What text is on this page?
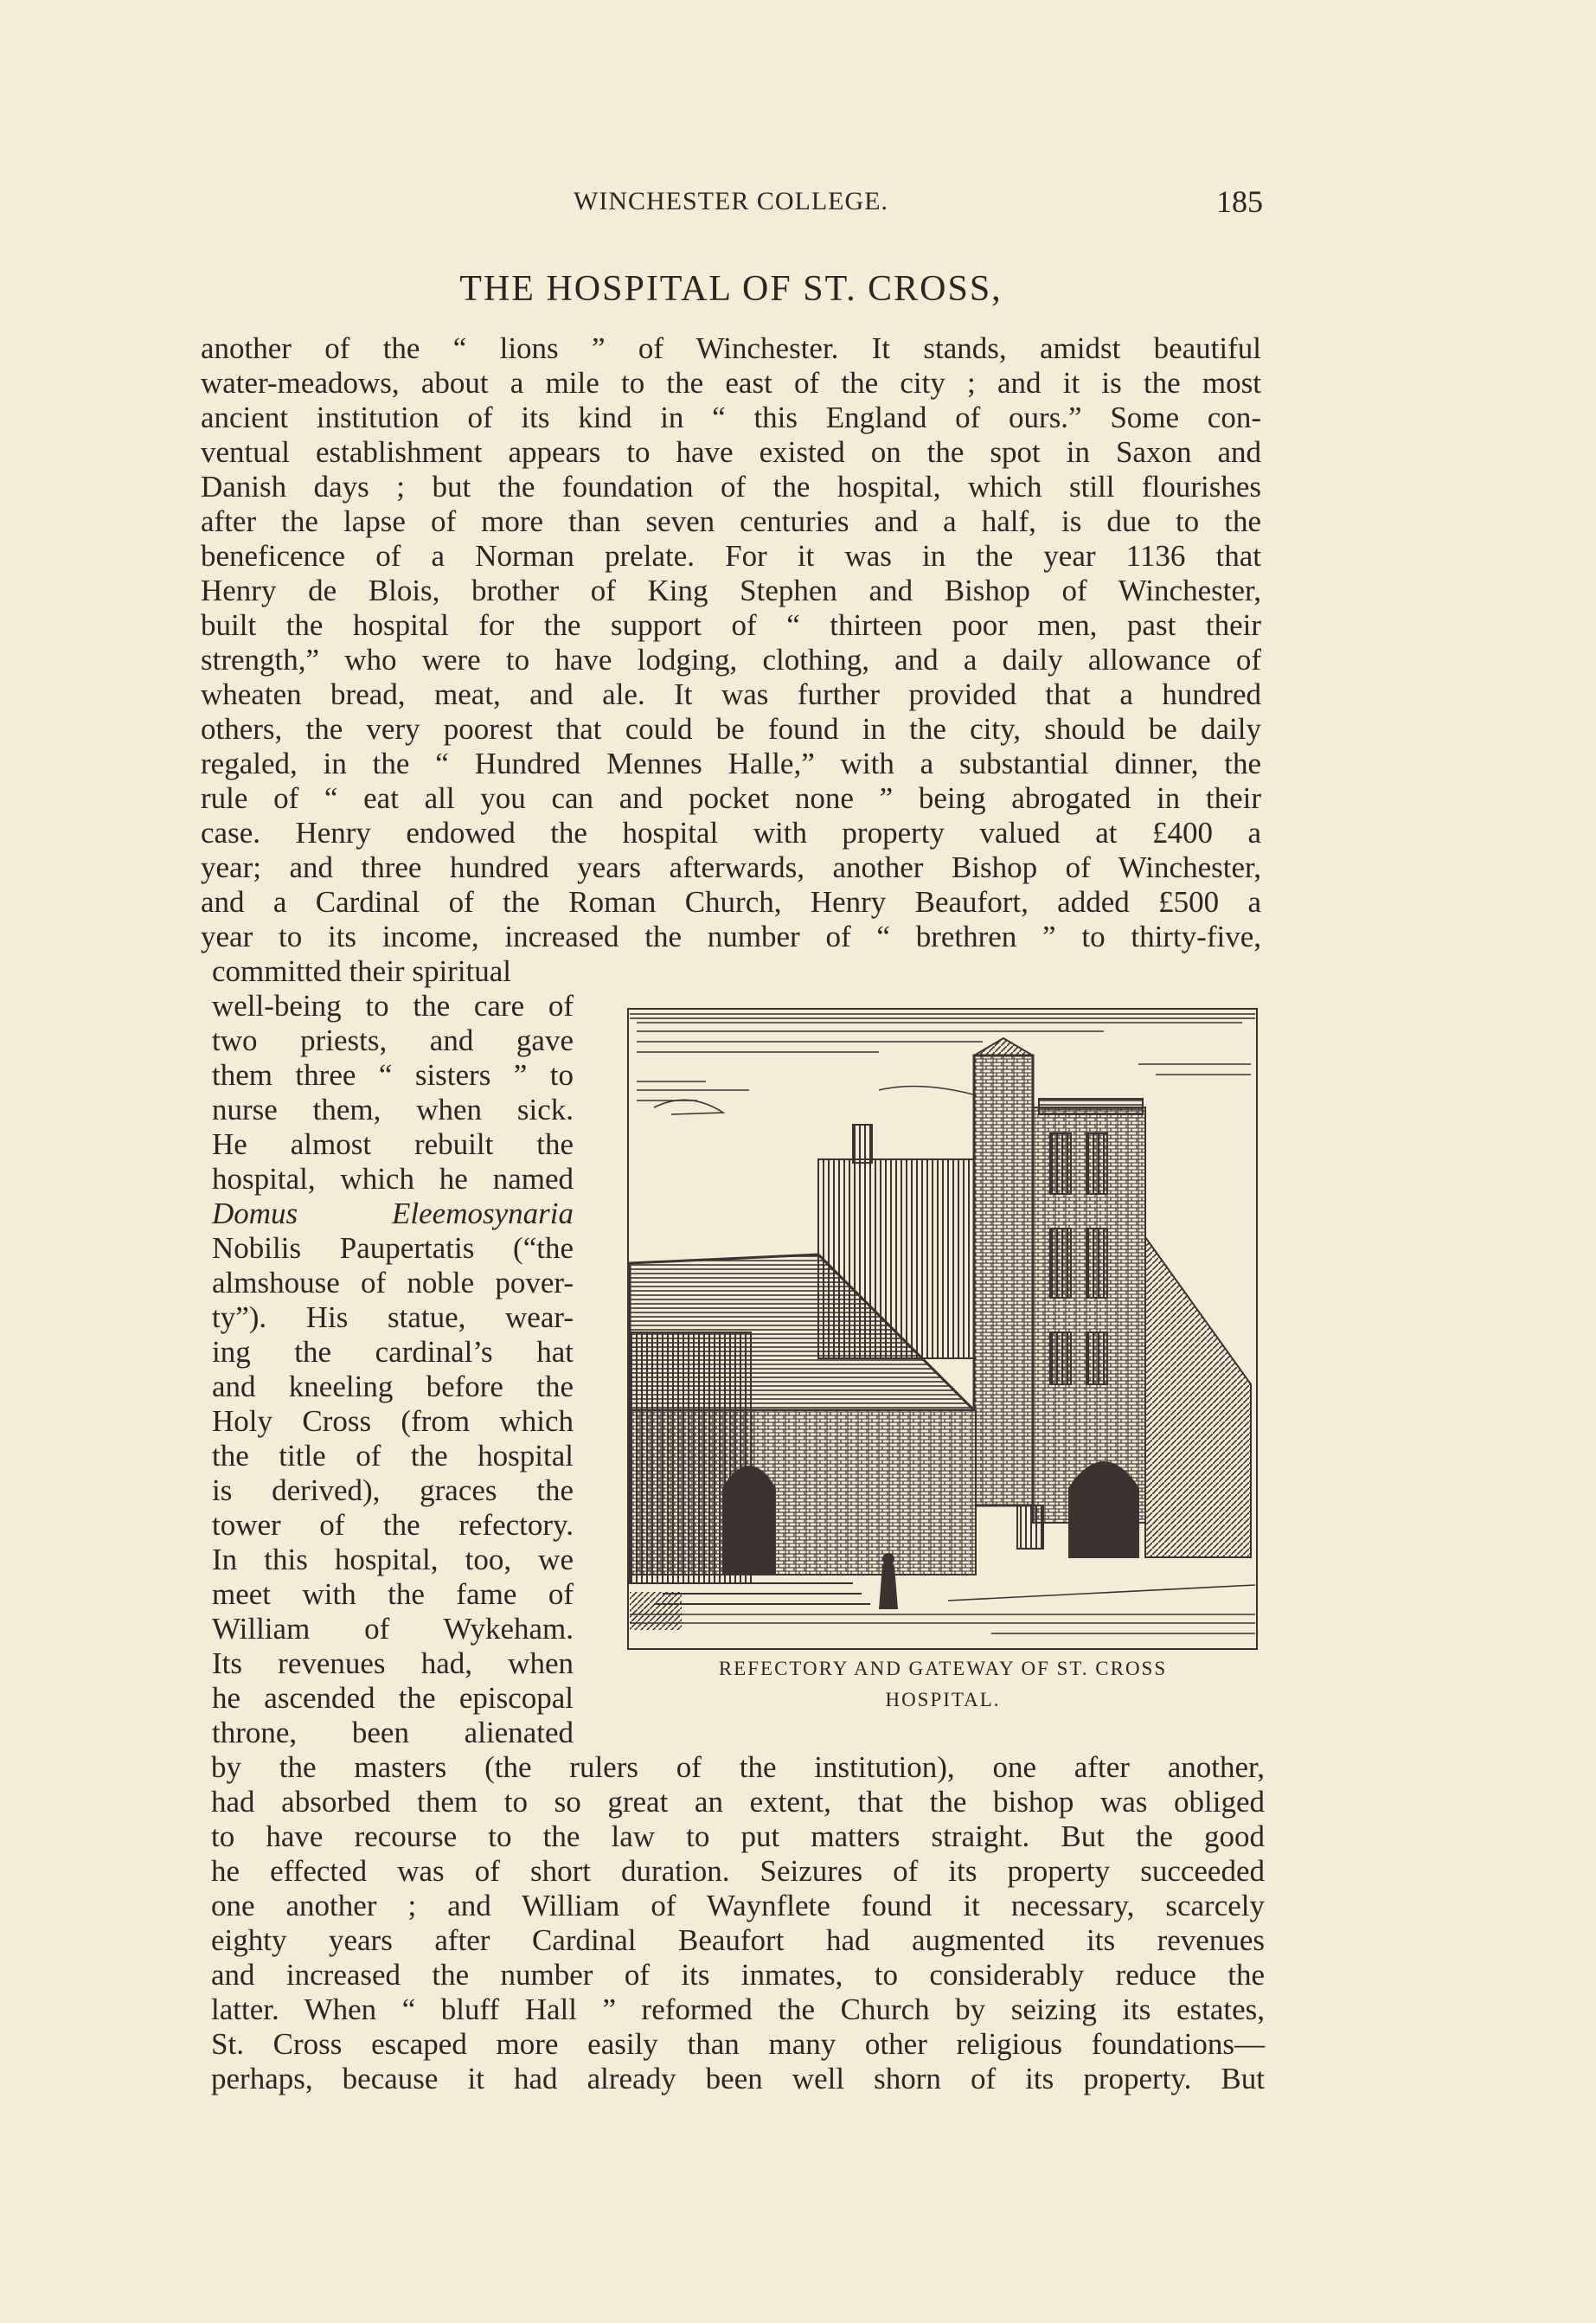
WINCHESTER COLLEGE.	185
THE HOSPITAL OF ST. CROSS,
another of the “ lions ” of Winchester. It stands, amidst beautiful
water-meadows, about a mile to the east of the city ; and it is the most
ancient institution of its kind in “ this England of ours.” Some con-
ventual establishment appears to have existed on the spot in Saxon and
Danish days ; but the foundation of the hospital, which still flourishes
after the lapse of more than seven centuries and a half, is due to the
beneficence of a Norman prelate. For it was in the year 1136 that
Henry de Blois, brother of King Stephen and Bishop of Winchester,
built the hospital for the support of “ thirteen poor men, past their
strength,” who were to have lodging, clothing, and a daily allowance of
wheaten bread, meat, and ale. It was further provided that a hundred
others, the very poorest that could be found in the city, should be daily
regaled, in the “ Hundred Mennes Halle,” with a substantial dinner, the
rule of “ eat all you can and pocket none ” being abrogated in their
case. Henry endowed the hospital with property valued at £400 a
year; and three hundred years afterwards, another Bishop of Winchester,
and a Cardinal of the Roman Church, Henry Beaufort, added £500 a
year to its income, increased the number of “ brethren ” to thirty-five,
committed their spiritual
well-being to the care of
two priests, and gave
them three “ sisters ” to
nurse them, when sick.
He almost rebuilt the
hospital, which he named
Domus Eleemosynaria
Nobilis Paupertatis (“the
almshouse of noble pover-
ty”). His statue, wear-
ing the cardinal’s hat
and kneeling before the
Holy Cross (from which
the title of the hospital
is derived), graces the
tower of the refectory.
In this hospital, too, we
meet with the fame of
William of Wykeham.
Its revenues had, when
he ascended the episcopal
throne, been alienated
REFECTORY AND GATEWAY OF ST. CROSS
HOSPITAL.
by the masters (the rulers of the institution), one after another,
had absorbed them to so great an extent, that the bishop was obliged
to have recourse to the law to put matters straight. But the good
he effected was of short duration. Seizures of its property succeeded
one another ; and William of Waynflete found it necessary, scarcely
eighty years after Cardinal Beaufort had augmented its revenues
and increased the number of its inmates, to considerably reduce the
latter. When “ bluff Hall ” reformed the Church by seizing its estates,
St. Cross escaped more easily than many other religious foundations—
perhaps, because it had already been well shorn of its property. But
